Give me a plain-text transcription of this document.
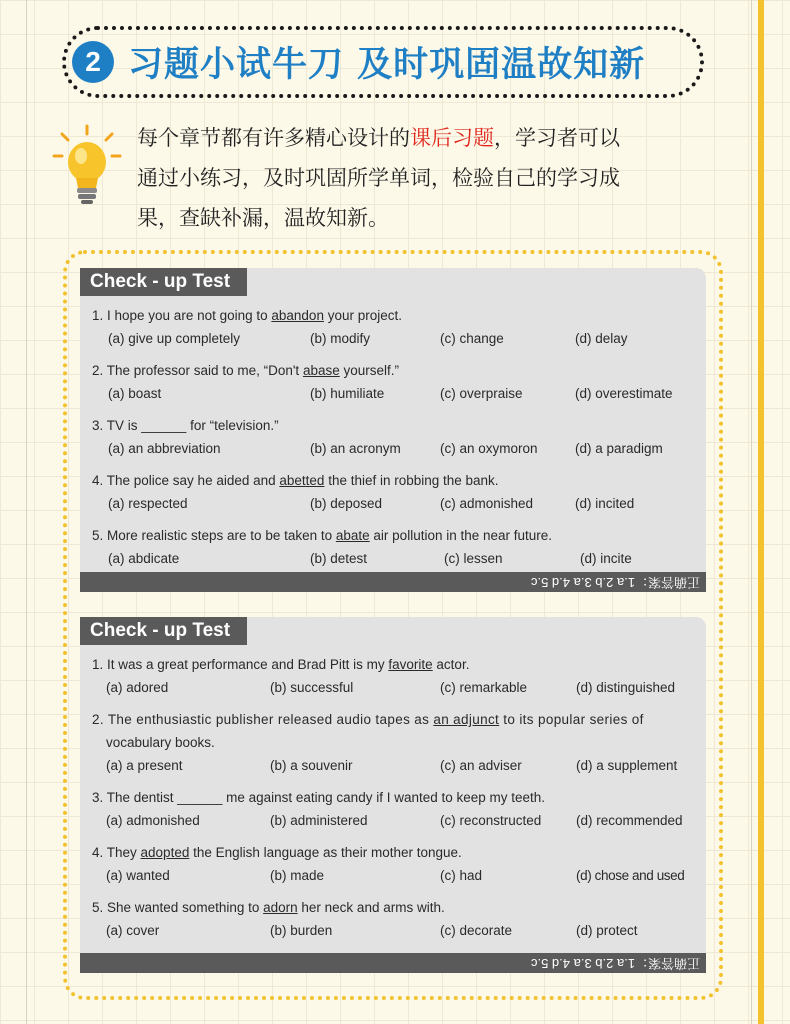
2 习题小试牛刀 及时巩固温故知新
每个章节都有许多精心设计的课后习题，学习者可以
通过小练习，及时巩固所学单词，检验自己的学习成
果，查缺补漏，温故知新。
Check - up Test
1. I hope you are not going to abandon your project.
(a) give up completely	(b) modify	(c) change	(d) delay
2. The professor said to me, “Don't abase yourself.”
(a) boast	(b) humiliate	(c) overpraise	(d) overestimate
3. TV is ______ for “television.”
(a) an abbreviation	(b) an acronym	(c) an oxymoron	(d) a paradigm
4. The police say he aided and abetted the thief in robbing the bank.
(a) respected	(b) deposed	(c) admonished	(d) incited
5. More realistic steps are to be taken to abate air pollution in the near future.
(a) abdicate	(b) detest	(c) lessen	(d) incite
正确答案：1.a 2.b 3.a 4.d 5.c
Check - up Test
1. It was a great performance and Brad Pitt is my favorite actor.
(a) adored	(b) successful	(c) remarkable	(d) distinguished
2. The enthusiastic publisher released audio tapes as an adjunct to its popular series of
vocabulary books.
(a) a present	(b) a souvenir	(c) an adviser	(d) a supplement
3. The dentist ______ me against eating candy if I wanted to keep my teeth.
(a) admonished	(b) administered	(c) reconstructed	(d) recommended
4. They adopted the English language as their mother tongue.
(a) wanted	(b) made	(c) had	(d) chose and used
5. She wanted something to adorn her neck and arms with.
(a) cover	(b) burden	(c) decorate	(d) protect
正确答案：1.a 2.b 3.a 4.d 5.c
